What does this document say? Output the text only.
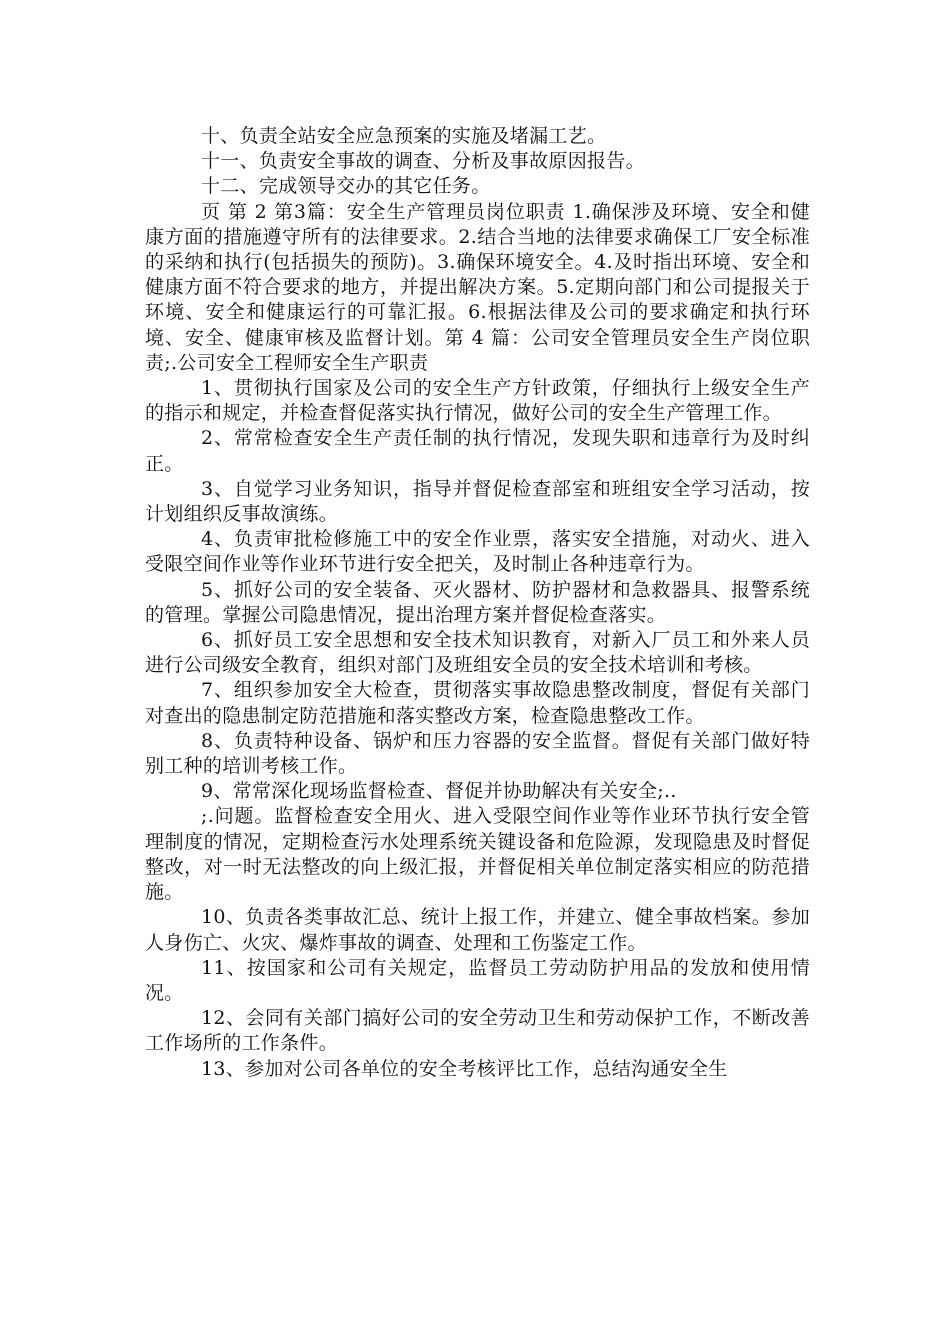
十、负责全站安全应急预案的实施及堵漏工艺。

十一、负责安全事故的调查、分析及事故原因报告。

十二、完成领导交办的其它任务。

页 第 2 第3篇：安全生产管理员岗位职责 1.确保涉及环境、安全和健康方面的措施遵守所有的法律要求。2.结合当地的法律要求确保工厂安全标准的采纳和执行(包括损失的预防)。3.确保环境安全。4.及时指出环境、安全和健康方面不符合要求的地方，并提出解决方案。5.定期向部门和公司提报关于环境、安全和健康运行的可靠汇报。6.根据法律及公司的要求确定和执行环境、安全、健康审核及监督计划。第 4 篇：公司安全管理员安全生产岗位职责;.公司安全工程师安全生产职责

1、贯彻执行国家及公司的安全生产方针政策，仔细执行上级安全生产的指示和规定，并检查督促落实执行情况，做好公司的安全生产管理工作。

2、常常检查安全生产责任制的执行情况，发现失职和违章行为及时纠正。

3、自觉学习业务知识，指导并督促检查部室和班组安全学习活动，按计划组织反事故演练。

4、负责审批检修施工中的安全作业票，落实安全措施，对动火、进入受限空间作业等作业环节进行安全把关，及时制止各种违章行为。

5、抓好公司的安全装备、灭火器材、防护器材和急救器具、报警系统的管理。掌握公司隐患情况，提出治理方案并督促检查落实。

6、抓好员工安全思想和安全技术知识教育，对新入厂员工和外来人员进行公司级安全教育，组织对部门及班组安全员的安全技术培训和考核。

7、组织参加安全大检查，贯彻落实事故隐患整改制度，督促有关部门对查出的隐患制定防范措施和落实整改方案，检查隐患整改工作。

8、负责特种设备、锅炉和压力容器的安全监督。督促有关部门做好特别工种的培训考核工作。

9、常常深化现场监督检查、督促并协助解决有关安全;..

;.问题。监督检查安全用火、进入受限空间作业等作业环节执行安全管理制度的情况，定期检查污水处理系统关键设备和危险源，发现隐患及时督促整改，对一时无法整改的向上级汇报，并督促相关单位制定落实相应的防范措施。

10、负责各类事故汇总、统计上报工作，并建立、健全事故档案。参加人身伤亡、火灾、爆炸事故的调查、处理和工伤鉴定工作。

11、按国家和公司有关规定，监督员工劳动防护用品的发放和使用情况。

12、会同有关部门搞好公司的安全劳动卫生和劳动保护工作，不断改善工作场所的工作条件。

13、参加对公司各单位的安全考核评比工作，总结沟通安全生
